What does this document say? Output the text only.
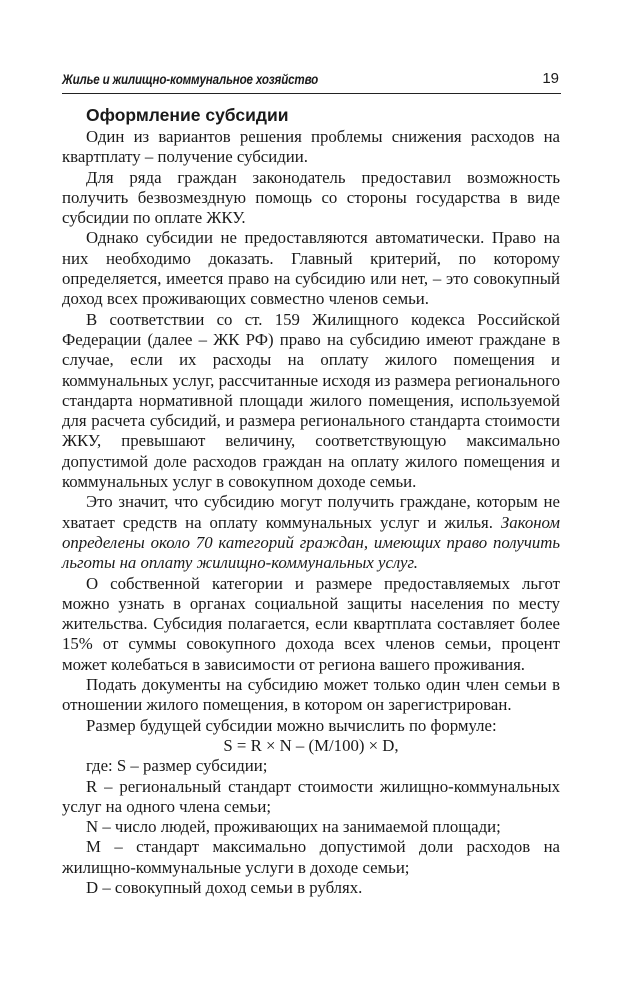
Жилье и жилищно-коммунальное хозяйство	19

Оформление субсидии

Один из вариантов решения проблемы снижения расходов на квартплату – получение субсидии.

Для ряда граждан законодатель предоставил возможность получить безвозмездную помощь со стороны государства в виде субсидии по оплате ЖКУ.

Однако субсидии не предоставляются автоматически. Право на них необходимо доказать. Главный критерий, по которому определяется, имеется право на субсидию или нет, – это совокупный доход всех проживающих совместно членов семьи.

В соответствии со ст. 159 Жилищного кодекса Российской Федерации (далее – ЖК РФ) право на субсидию имеют граждане в случае, если их расходы на оплату жилого помещения и коммунальных услуг, рассчитанные исходя из размера регионального стандарта нормативной площади жилого помещения, используемой для расчета субсидий, и размера регионального стандарта стоимости ЖКУ, превышают величину, соответствующую максимально допустимой доле расходов граждан на оплату жилого помещения и коммунальных услуг в совокупном доходе семьи.

Это значит, что субсидию могут получить граждане, которым не хватает средств на оплату коммунальных услуг и жилья. Законом определены около 70 категорий граждан, имеющих право получить льготы на оплату жилищно-коммунальных услуг.

О собственной категории и размере предоставляемых льгот можно узнать в органах социальной защиты населения по месту жительства. Субсидия полагается, если квартплата составляет более 15% от суммы совокупного дохода всех членов семьи, процент может колебаться в зависимости от региона вашего проживания.

Подать документы на субсидию может только один член семьи в отношении жилого помещения, в котором он зарегистрирован.

Размер будущей субсидии можно вычислить по формуле:

S = R × N – (M/100) × D,

где: S – размер субсидии;

R – региональный стандарт стоимости жилищно-коммунальных услуг на одного члена семьи;

N – число людей, проживающих на занимаемой площади;

M – стандарт максимально допустимой доли расходов на жилищно-коммунальные услуги в доходе семьи;

D – совокупный доход семьи в рублях.
